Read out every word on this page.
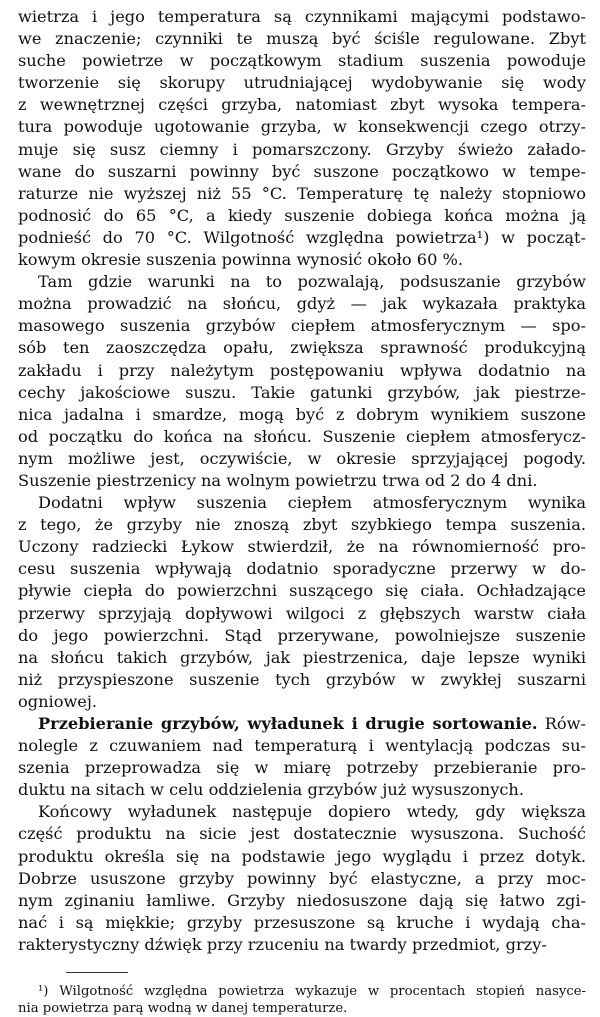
wietrza i jego temperatura są czynnikami mającymi podstawo-
we znaczenie; czynniki te muszą być ściśle regulowane. Zbyt
suche powietrze w początkowym stadium suszenia powoduje
tworzenie się skorupy utrudniającej wydobywanie się wody
z wewnętrznej części grzyba, natomiast zbyt wysoka tempera-
tura powoduje ugotowanie grzyba, w konsekwencji czego otrzy-
muje się susz ciemny i pomarszczony. Grzyby świeżo załado-
wane do suszarni powinny być suszone początkowo w tempe-
raturze nie wyższej niż 55 °C. Temperaturę tę należy stopniowo
podnosić do 65 °C, a kiedy suszenie dobiega końca można ją
podnieść do 70 °C. Wilgotność względna powietrza¹) w począt-
kowym okresie suszenia powinna wynosić około 60 %.
Tam gdzie warunki na to pozwalają, podsuszanie grzybów
można prowadzić na słońcu, gdyż — jak wykazała praktyka
masowego suszenia grzybów ciepłem atmosferycznym — spo-
sób ten zaoszczędza opału, zwiększa sprawność produkcyjną
zakładu i przy należytym postępowaniu wpływa dodatnio na
cechy jakościowe suszu. Takie gatunki grzybów, jak piestrze-
nica jadalna i smardze, mogą być z dobrym wynikiem suszone
od początku do końca na słońcu. Suszenie ciepłem atmosferycz-
nym możliwe jest, oczywiście, w okresie sprzyjającej pogody.
Suszenie piestrzenicy na wolnym powietrzu trwa od 2 do 4 dni.
Dodatni wpływ suszenia ciepłem atmosferycznym wynika
z tego, że grzyby nie znoszą zbyt szybkiego tempa suszenia.
Uczony radziecki Łykow stwierdził, że na równomierność pro-
cesu suszenia wpływają dodatnio sporadyczne przerwy w do-
pływie ciepła do powierzchni suszącego się ciała. Ochładzające
przerwy sprzyjają dopływowi wilgoci z głębszych warstw ciała
do jego powierzchni. Stąd przerywane, powolniejsze suszenie
na słońcu takich grzybów, jak piestrzenica, daje lepsze wyniki
niż przyspieszone suszenie tych grzybów w zwykłej suszarni
ogniowej.
Przebieranie grzybów, wyładunek i drugie sortowanie. Rów-
nolegle z czuwaniem nad temperaturą i wentylacją podczas su-
szenia przeprowadza się w miarę potrzeby przebieranie pro-
duktu na sitach w celu oddzielenia grzybów już wysuszonych.
Końcowy wyładunek następuje dopiero wtedy, gdy większa
część produktu na sicie jest dostatecznie wysuszona. Suchość
produktu określa się na podstawie jego wyglądu i przez dotyk.
Dobrze ususzone grzyby powinny być elastyczne, a przy moc-
nym zginaniu łamliwe. Grzyby niedosuszone dają się łatwo zgi-
nać i są miękkie; grzyby przesuszone są kruche i wydają cha-
rakterystyczny dźwięk przy rzuceniu na twardy przedmiot, grzy-
¹) Wilgotność względna powietrza wykazuje w procentach stopień nasyce-
nia powietrza parą wodną w danej temperaturze.
